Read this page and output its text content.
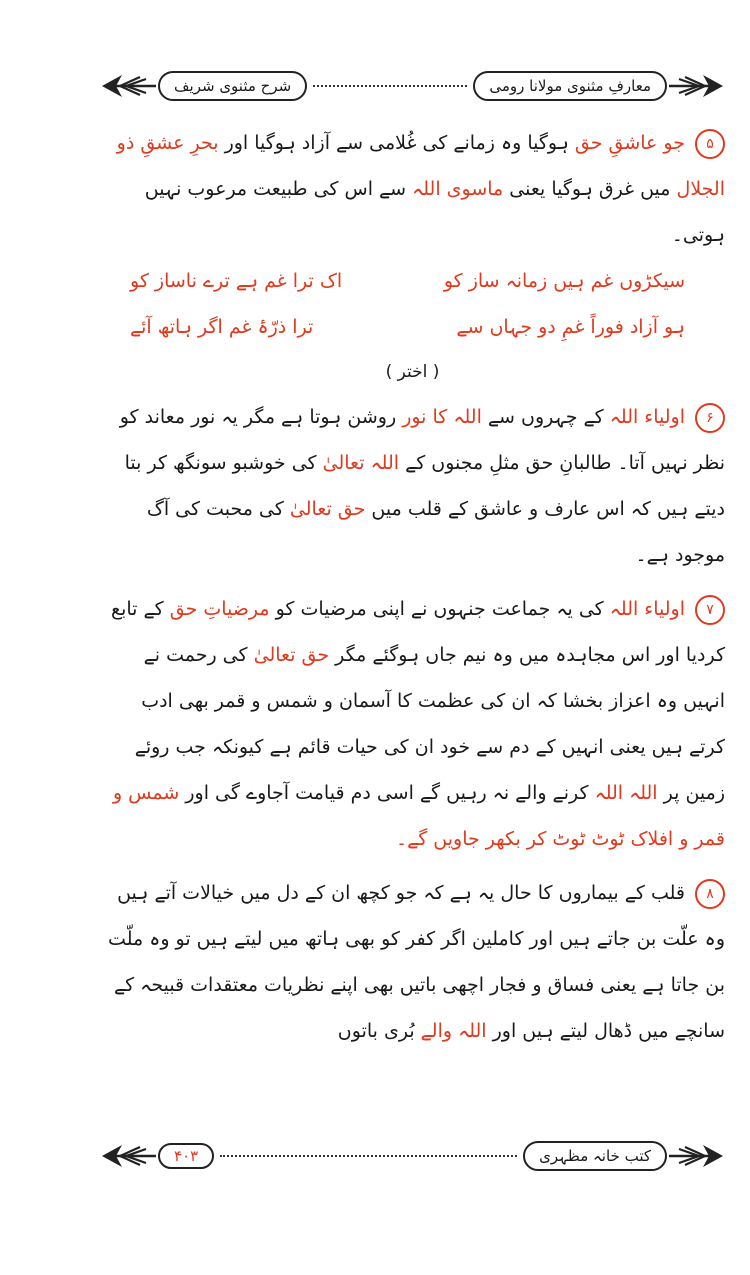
شرح مثنوی شریف	معارفِ مثنوی مولانا رومی

۵جو عاشقِ حق ہوگیا وہ زمانے کی غُلامی سے آزاد ہوگیا اور بحرِ عشقِ ذو الجلال میں غرق ہوگیا یعنی ماسوی اللہ سے اس کی طبیعت مرعوب نہیں ہوتی۔

سیکڑوں غم ہیں زمانہ ساز کو
اک ترا غم ہے ترے ناساز کو
ہو آزاد فوراً غمِ دو جہاں سے
ترا ذرّۂ غم اگر ہاتھ آئے
( اختر )

۶اولیاء اللہ کے چہروں سے اللہ کا نور روشن ہوتا ہے مگر یہ نور معاند کو نظر نہیں آتا۔ طالبانِ حق مثلِ مجنوں کے اللہ تعالیٰ کی خوشبو سونگھ کر بتا دیتے ہیں کہ اس عارف و عاشق کے قلب میں حق تعالیٰ کی محبت کی آگ موجود ہے۔

۷اولیاء اللہ کی یہ جماعت جنہوں نے اپنی مرضیات کو مرضیاتِ حق کے تابع کردیا اور اس مجاہدہ میں وہ نیم جاں ہوگئے مگر حق تعالیٰ کی رحمت نے انہیں وہ اعزاز بخشا کہ ان کی عظمت کا آسمان و شمس و قمر بھی ادب کرتے ہیں یعنی انہیں کے دم سے خود ان کی حیات قائم ہے کیونکہ جب روئے زمین پر اللہ اللہ کرنے والے نہ رہیں گے اسی دم قیامت آجاوے گی اور شمس و قمر و افلاک ٹوٹ ٹوٹ کر بکھر جاویں گے۔

۸قلب کے بیماروں کا حال یہ ہے کہ جو کچھ ان کے دل میں خیالات آتے ہیں وہ علّت بن جاتے ہیں اور کاملین اگر کفر کو بھی ہاتھ میں لیتے ہیں تو وہ ملّت بن جاتا ہے یعنی فساق و فجار اچھی باتیں بھی اپنے نظریات معتقدات قبیحہ کے سانچے میں ڈھال لیتے ہیں اور اللہ والے بُری باتوں

۴۰۳	کتب خانہ مظہری
